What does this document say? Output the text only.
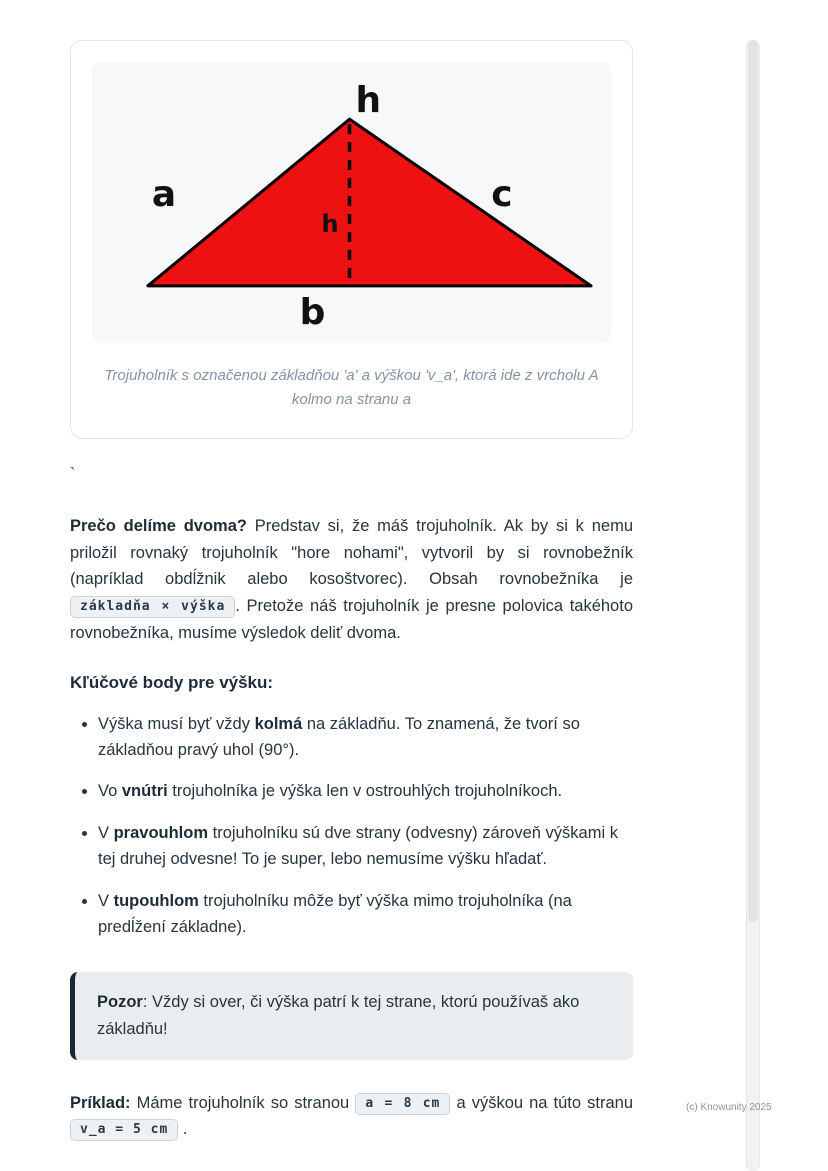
(c) Knowunity 2025
h
a	c
h
b
Trojuholník s označenou základňou 'a' a výškou 'v_a', ktorá ide z vrcholu A kolmo na stranu a
`

Prečo delíme dvoma? Predstav si, že máš trojuholník. Ak by si k nemu priložil rovnaký trojuholník "hore nohami", vytvoril by si rovnobežník (napríklad obdĺžnik alebo kosoštvorec). Obsah rovnobežníka je základňa × výška . Pretože náš trojuholník je presne polovica takéhoto rovnobežníka, musíme výsledok deliť dvoma.

Kľúčové body pre výšku:
• Výška musí byť vždy kolmá na základňu. To znamená, že tvorí so základňou pravý uhol (90°).
• Vo vnútri trojuholníka je výška len v ostrouhlých trojuholníkoch.
• V pravouhlom trojuholníku sú dve strany (odvesny) zároveň výškami k tej druhej odvesne! To je super, lebo nemusíme výšku hľadať.
• V tupouhlom trojuholníku môže byť výška mimo trojuholníka (na predĺžení základne).

Pozor: Vždy si over, či výška patrí k tej strane, ktorú používaš ako základňu!

Príklad: Máme trojuholník so stranou a = 8 cm a výškou na túto stranu v_a = 5 cm .
